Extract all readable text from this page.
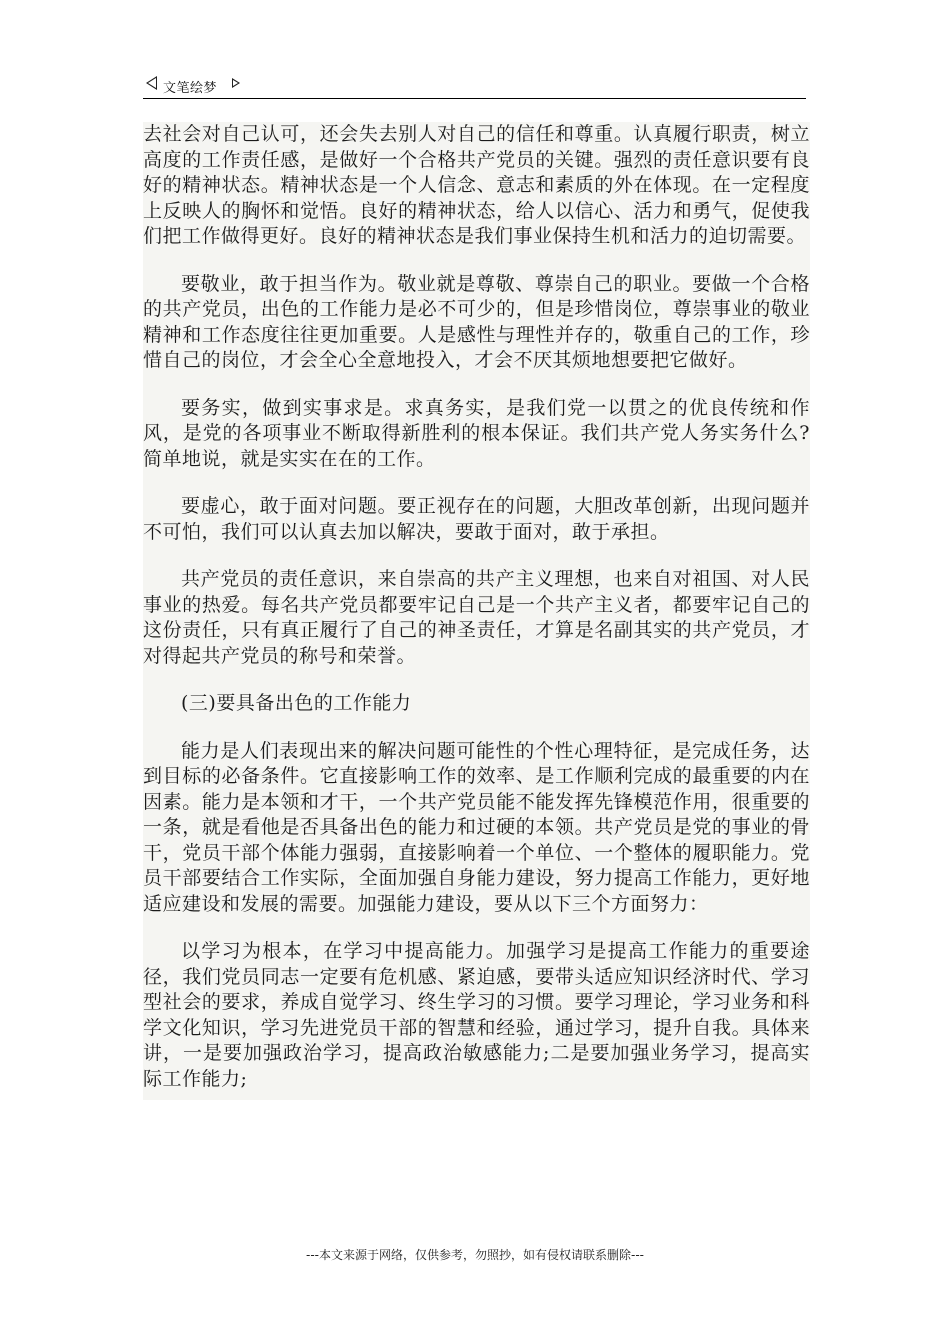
文笔绘梦

去社会对自己认可，还会失去别人对自己的信任和尊重。认真履行职责，树立高度的工作责任感，是做好一个合格共产党员的关键。强烈的责任意识要有良好的精神状态。精神状态是一个人信念、意志和素质的外在体现。在一定程度上反映人的胸怀和觉悟。良好的精神状态，给人以信心、活力和勇气，促使我们把工作做得更好。良好的精神状态是我们事业保持生机和活力的迫切需要。

要敬业，敢于担当作为。敬业就是尊敬、尊崇自己的职业。要做一个合格的共产党员，出色的工作能力是必不可少的，但是珍惜岗位，尊崇事业的敬业精神和工作态度往往更加重要。人是感性与理性并存的，敬重自己的工作，珍惜自己的岗位，才会全心全意地投入，才会不厌其烦地想要把它做好。

要务实，做到实事求是。求真务实，是我们党一以贯之的优良传统和作风，是党的各项事业不断取得新胜利的根本保证。我们共产党人务实务什么?简单地说，就是实实在在的工作。

要虚心，敢于面对问题。要正视存在的问题，大胆改革创新，出现问题并不可怕，我们可以认真去加以解决，要敢于面对，敢于承担。

共产党员的责任意识，来自崇高的共产主义理想，也来自对祖国、对人民事业的热爱。每名共产党员都要牢记自己是一个共产主义者，都要牢记自己的这份责任，只有真正履行了自己的神圣责任，才算是名副其实的共产党员，才对得起共产党员的称号和荣誉。

(三)要具备出色的工作能力

能力是人们表现出来的解决问题可能性的个性心理特征，是完成任务，达到目标的必备条件。它直接影响工作的效率、是工作顺利完成的最重要的内在因素。能力是本领和才干，一个共产党员能不能发挥先锋模范作用，很重要的一条，就是看他是否具备出色的能力和过硬的本领。共产党员是党的事业的骨干，党员干部个体能力强弱，直接影响着一个单位、一个整体的履职能力。党员干部要结合工作实际，全面加强自身能力建设，努力提高工作能力，更好地适应建设和发展的需要。加强能力建设，要从以下三个方面努力：

以学习为根本，在学习中提高能力。加强学习是提高工作能力的重要途径，我们党员同志一定要有危机感、紧迫感，要带头适应知识经济时代、学习型社会的要求，养成自觉学习、终生学习的习惯。要学习理论，学习业务和科学文化知识，学习先进党员干部的智慧和经验，通过学习，提升自我。具体来讲，一是要加强政治学习，提高政治敏感能力;二是要加强业务学习，提高实际工作能力;

---本文来源于网络，仅供参考，勿照抄，如有侵权请联系删除---
